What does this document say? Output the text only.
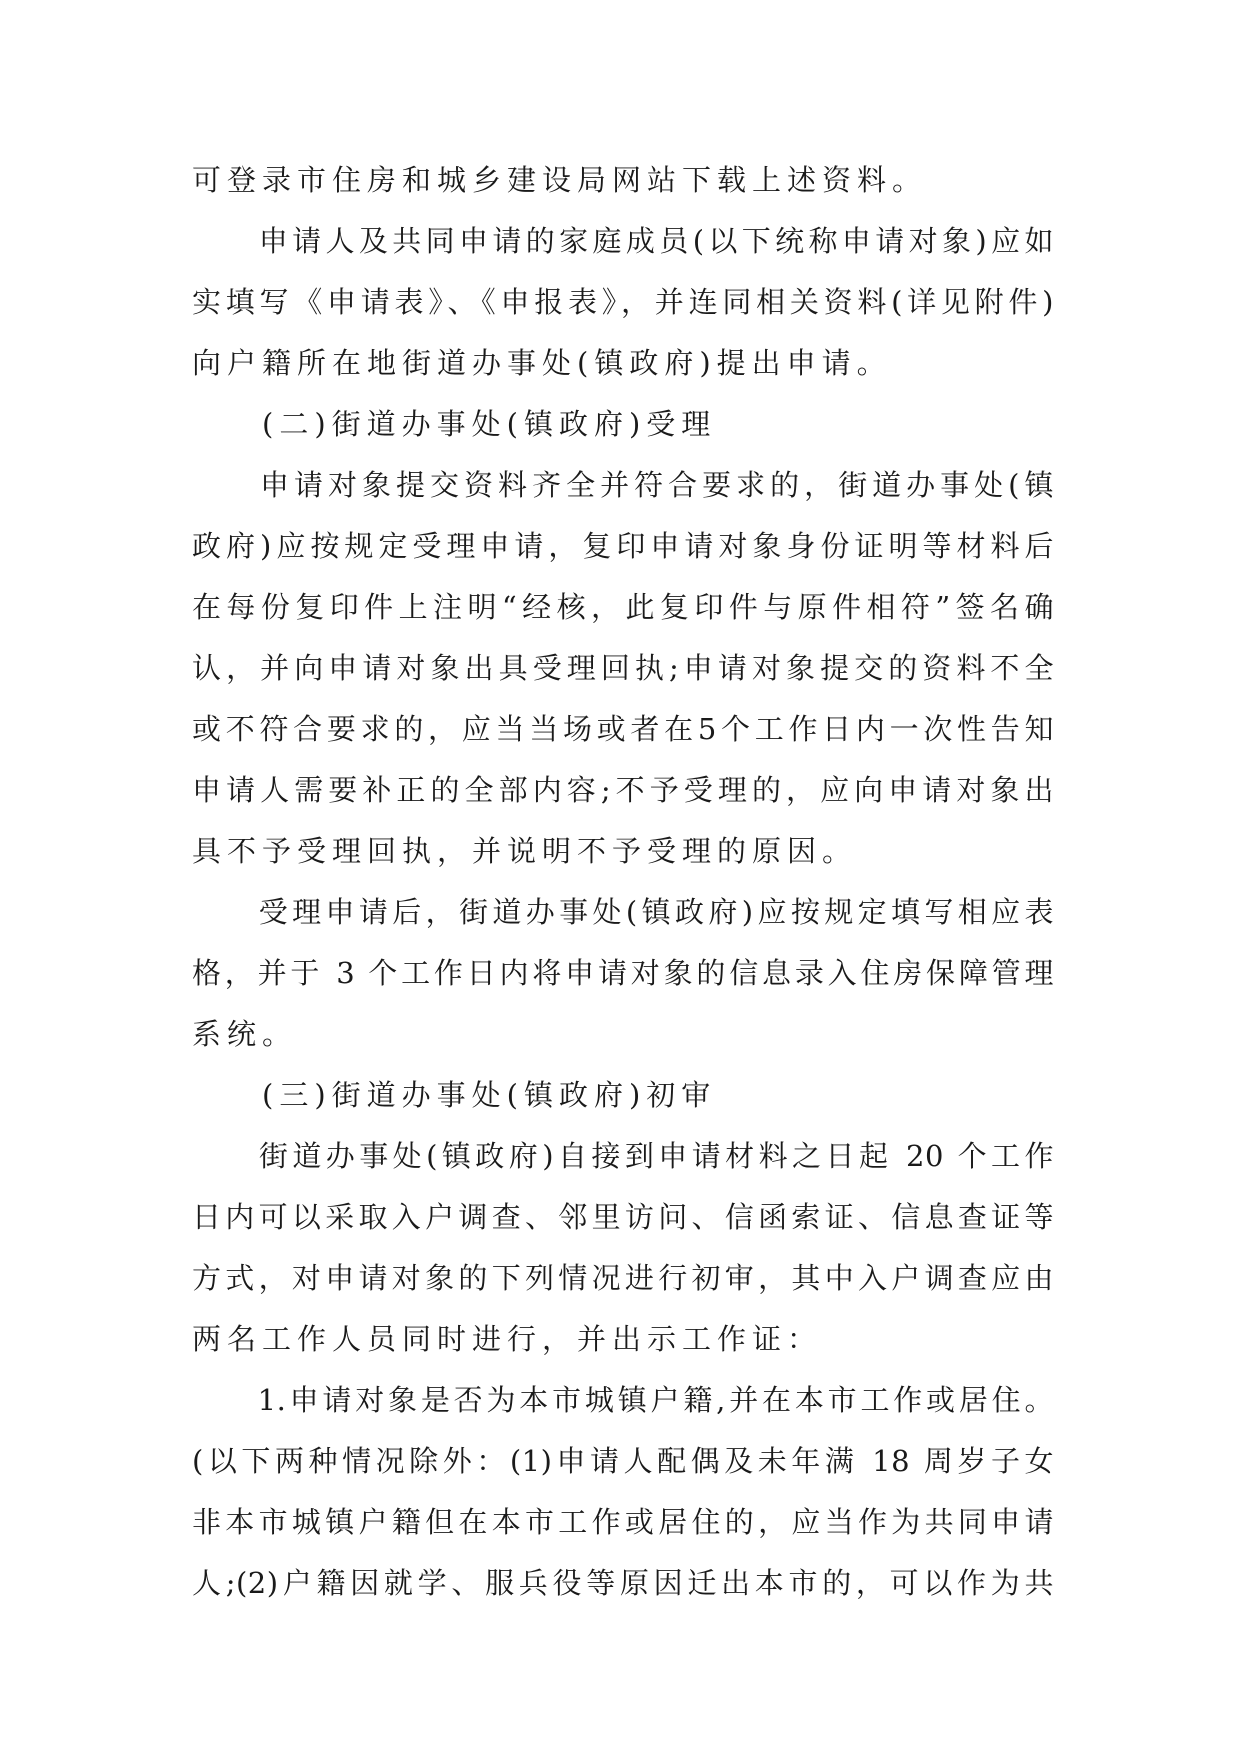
可登录市住房和城乡建设局网站下载上述资料。
　　申请人及共同申请的家庭成员(以下统称申请对象)应如
实填写《申请表》、《申报表》，并连同相关资料(详见附件)
向户籍所在地街道办事处(镇政府)提出申请。
　　(二)街道办事处(镇政府)受理
　　申请对象提交资料齐全并符合要求的，街道办事处(镇
政府)应按规定受理申请，复印申请对象身份证明等材料后
在每份复印件上注明“经核，此复印件与原件相符”签名确
认，并向申请对象出具受理回执;申请对象提交的资料不全
或不符合要求的，应当当场或者在5个工作日内一次性告知
申请人需要补正的全部内容;不予受理的，应向申请对象出
具不予受理回执，并说明不予受理的原因。
　　受理申请后，街道办事处(镇政府)应按规定填写相应表
格，并于 3 个工作日内将申请对象的信息录入住房保障管理
系统。
　　(三)街道办事处(镇政府)初审
　　街道办事处(镇政府)自接到申请材料之日起 20 个工作
日内可以采取入户调查、邻里访问、信函索证、信息查证等
方式，对申请对象的下列情况进行初审，其中入户调查应由
两名工作人员同时进行，并出示工作证：
　　1.申请对象是否为本市城镇户籍,并在本市工作或居住。
(以下两种情况除外：(1)申请人配偶及未年满 18 周岁子女
非本市城镇户籍但在本市工作或居住的，应当作为共同申请
人;(2)户籍因就学、服兵役等原因迁出本市的，可以作为共
